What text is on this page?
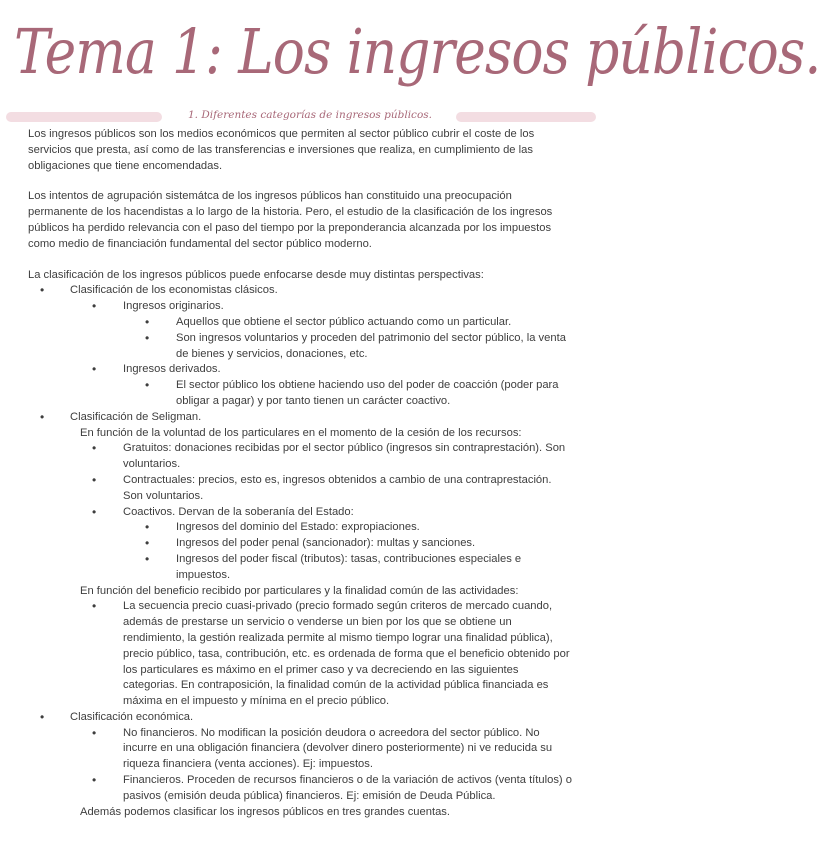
Tema 1: Los ingresos públicos.
1. Diferentes categorías de ingresos públicos.

Los ingresos públicos son los medios económicos que permiten al sector público cubrir el coste de los servicios que presta, así como de las transferencias e inversiones que realiza, en cumplimiento de las obligaciones que tiene encomendadas.

Los intentos de agrupación sistemátca de los ingresos públicos han constituido una preocupación permanente de los hacendistas a lo largo de la historia. Pero, el estudio de la clasificación de los ingresos públicos ha perdido relevancia con el paso del tiempo por la preponderancia alcanzada por los impuestos como medio de financiación fundamental del sector público moderno.

La clasificación de los ingresos públicos puede enfocarse desde muy distintas perspectivas:

• Clasificación de los economistas clásicos.
• Ingresos originarios.
• Aquellos que obtiene el sector público actuando como un particular.
• Son ingresos voluntarios y proceden del patrimonio del sector público, la venta de bienes y servicios, donaciones, etc.
• Ingresos derivados.
• El sector público los obtiene haciendo uso del poder de coacción (poder para obligar a pagar) y por tanto tienen un carácter coactivo.
• Clasificación de Seligman.
En función de la voluntad de los particulares en el momento de la cesión de los recursos:
• Gratuitos: donaciones recibidas por el sector público (ingresos sin contraprestación). Son voluntarios.
• Contractuales: precios, esto es, ingresos obtenidos a cambio de una contraprestación. Son voluntarios.
• Coactivos. Dervan de la soberanía del Estado:
• Ingresos del dominio del Estado: expropiaciones.
• Ingresos del poder penal (sancionador): multas y sanciones.
• Ingresos del poder fiscal (tributos): tasas, contribuciones especiales e impuestos.
En función del beneficio recibido por particulares y la finalidad común de las actividades:
• La secuencia precio cuasi-privado (precio formado según criteros de mercado cuando, además de prestarse un servicio o venderse un bien por los que se obtiene un rendimiento, la gestión realizada permite al mismo tiempo lograr una finalidad pública), precio público, tasa, contribución, etc. es ordenada de forma que el beneficio obtenido por los particulares es máximo en el primer caso y va decreciendo en las siguientes categorias. En contraposición, la finalidad común de la actividad pública financiada es máxima en el impuesto y mínima en el precio público.
• Clasificación económica.
• No financieros. No modifican la posición deudora o acreedora del sector público. No incurre en una obligación financiera (devolver dinero posteriormente) ni ve reducida su riqueza financiera (venta acciones). Ej: impuestos.
• Financieros. Proceden de recursos financieros o de la variación de activos (venta títulos) o pasivos (emisión deuda pública) financieros. Ej: emisión de Deuda Pública.
Además podemos clasificar los ingresos públicos en tres grandes cuentas.
